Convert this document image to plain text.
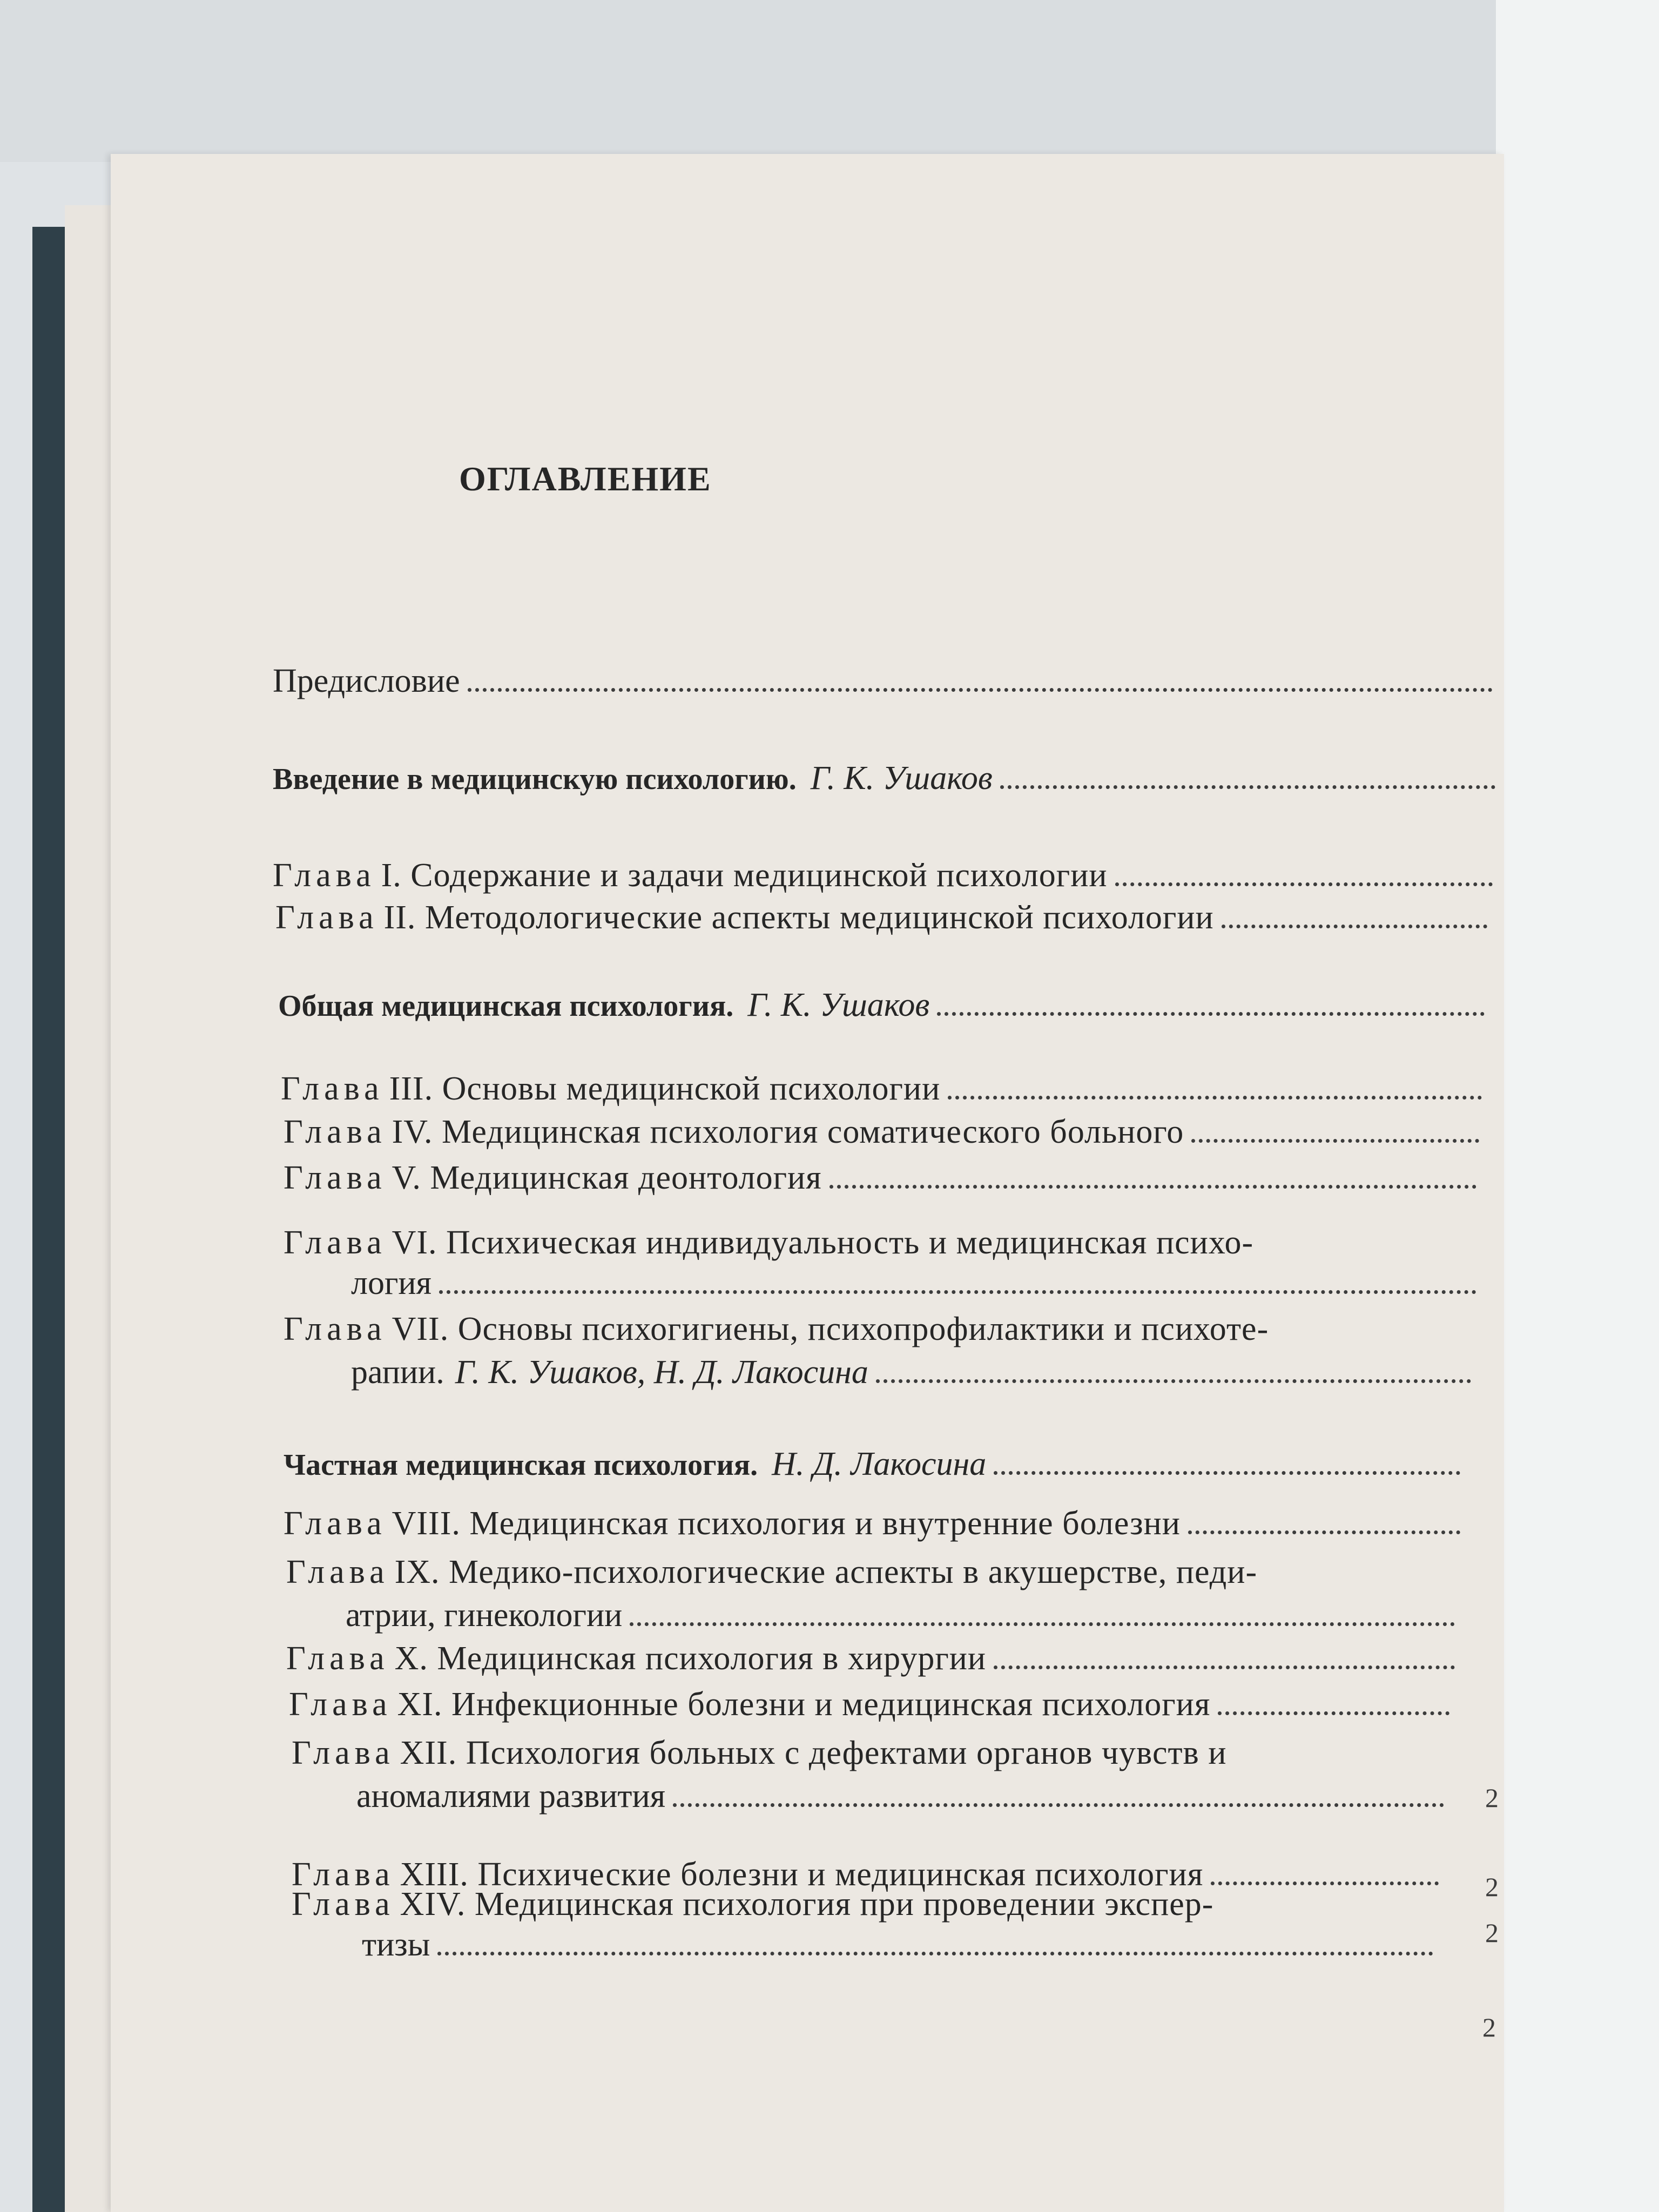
ОГЛАВЛЕНИЕ
Предисловие
Введение в медицинскую психологию. Г. К. Ушаков
Глава I. Содержание и задачи медицинской психологии
Глава II. Методологические аспекты медицинской психологии
Общая медицинская психология. Г. К. Ушаков
Глава III. Основы медицинской психологии
Глава IV. Медицинская психология соматического больного
Глава V. Медицинская деонтология
Глава VI. Психическая индивидуальность и медицинская психо-
логия
Глава VII. Основы психогигиены, психопрофилактики и психоте-
рапии. Г. К. Ушаков, Н. Д. Лакосина
Частная медицинская психология. Н. Д. Лакосина
Глава VIII. Медицинская психология и внутренние болезни
Глава IX. Медико-психологические аспекты в акушерстве, педи-
атрии, гинекологии
Глава X. Медицинская психология в хирургии
Глава XI. Инфекционные болезни и медицинская психология
Глава XII. Психология больных с дефектами органов чувств и
аномалиями развития
Глава XIII. Психические болезни и медицинская психология
Глава XIV. Медицинская психология при проведении экспер-
тизы
2
2
2
2
